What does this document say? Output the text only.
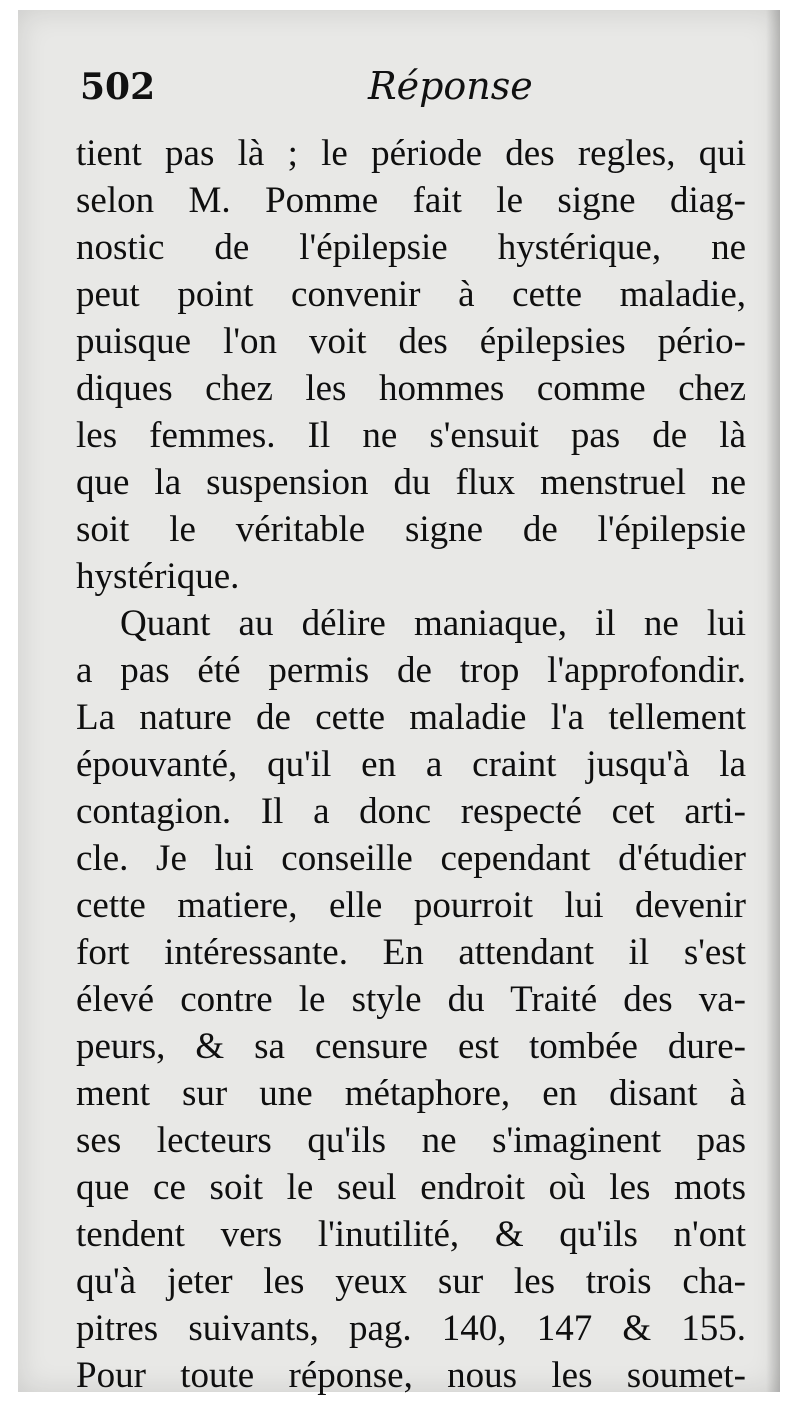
502	Réponse
tient pas là ; le période des regles, qui
selon M. Pomme fait le signe diag-
nostic de l'épilepsie hystérique, ne
peut point convenir à cette maladie,
puisque l'on voit des épilepsies pério-
diques chez les hommes comme chez
les femmes. Il ne s'ensuit pas de là
que la suspension du flux menstruel ne
soit le véritable signe de l'épilepsie
hystérique.
Quant au délire maniaque, il ne lui
a pas été permis de trop l'approfondir.
La nature de cette maladie l'a tellement
épouvanté, qu'il en a craint jusqu'à la
contagion. Il a donc respecté cet arti-
cle. Je lui conseille cependant d'étudier
cette matiere, elle pourroit lui devenir
fort intéressante. En attendant il s'est
élevé contre le style du Traité des va-
peurs, & sa censure est tombée dure-
ment sur une métaphore, en disant à
ses lecteurs qu'ils ne s'imaginent pas
que ce soit le seul endroit où les mots
tendent vers l'inutilité, & qu'ils n'ont
qu'à jeter les yeux sur les trois cha-
pitres suivants, pag. 140, 147 & 155.
Pour toute réponse, nous les soumet-
